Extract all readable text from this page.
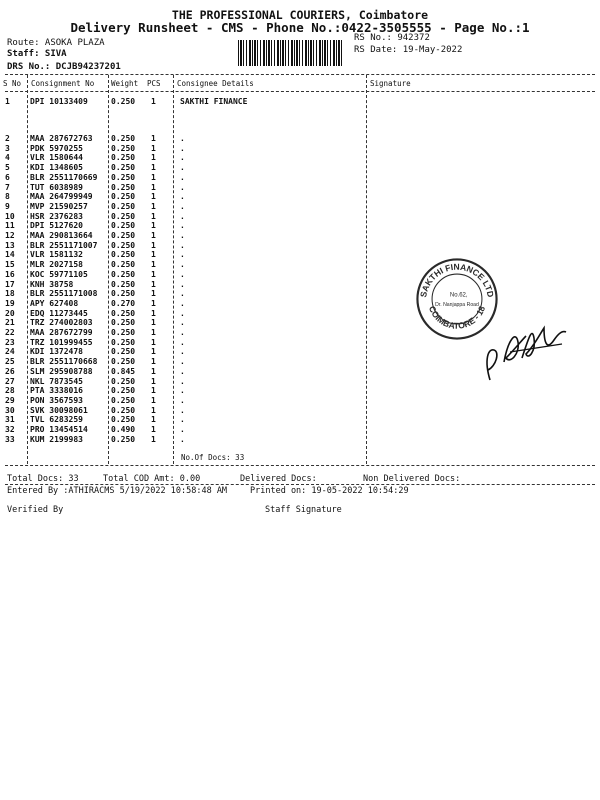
THE PROFESSIONAL COURIERS, Coimbatore
Delivery Runsheet - CMS - Phone No.:0422-3505555 - Page No.:1
Route: ASOKA PLAZA
Staff: SIVA
DRS No.: DCJB94237201
RS No.: 942372
RS Date: 19-May-2022
S No Consignment No Weight PCS Consignee Details	Signature
1	DPI 10133409	0.250 1	SAKTHI FINANCE
2	MAA 287672763 0.250 1	.
3	PDK 5970255	0.250 1	.
4	VLR 1580644	0.250 1	.
5	KDI 1348605	0.250 1	.
6	BLR 2551170669 0.250 1	.
7	TUT 6038989	0.250 1	.
8	MAA 264799949 0.250 1	.
9	MVP 21590257	0.250 1	.
10 HSR 2376283	0.250 1	.
11 DPI 5127620	0.250 1	.
12 MAA 290813664 0.250 1	.
13 BLR 2551171007 0.250 1	.
14 VLR 1581132	0.250 1	.
15 MLR 2027158	0.250 1	.
16 KOC 59771105	0.250 1	.
17 KNH 38758	0.250 1	.
18 BLR 2551171008 0.250 1	.
19 APY 627408	0.270 1	.
20 EDQ 11273445	0.250 1	.
21 TRZ 274002803 0.250 1	.
22 MAA 287672799 0.250 1	.
23 TRZ 101999455 0.250 1	.
24 KDI 1372478	0.250 1	.
25 BLR 2551170668 0.250 1	.
26 SLM 295908788 0.845 1	.
27 NKL 7873545	0.250 1	.
28 PTA 3338016	0.250 1	.
29 PON 3567593	0.250 1	.
30 SVK 30098061	0.250 1	.
31 TVL 6283259	0.250 1	.
32 PRO 13454514	0.490 1	.
33 KUM 2199983	0.250 1	.
No.Of Docs: 33
SAKTHI FINANCE LTD
COIMBATORE - 18
No.62,
Dr. Nanjappa Road
Total Docs: 33	Total COD Amt: 0.00	Delivered Docs:	Non Delivered Docs:
Entered By :ATHIRACMS 5/19/2022 10:58:48 AM	Printed on: 19-05-2022 10:54:29
Verified By	Staff Signature
